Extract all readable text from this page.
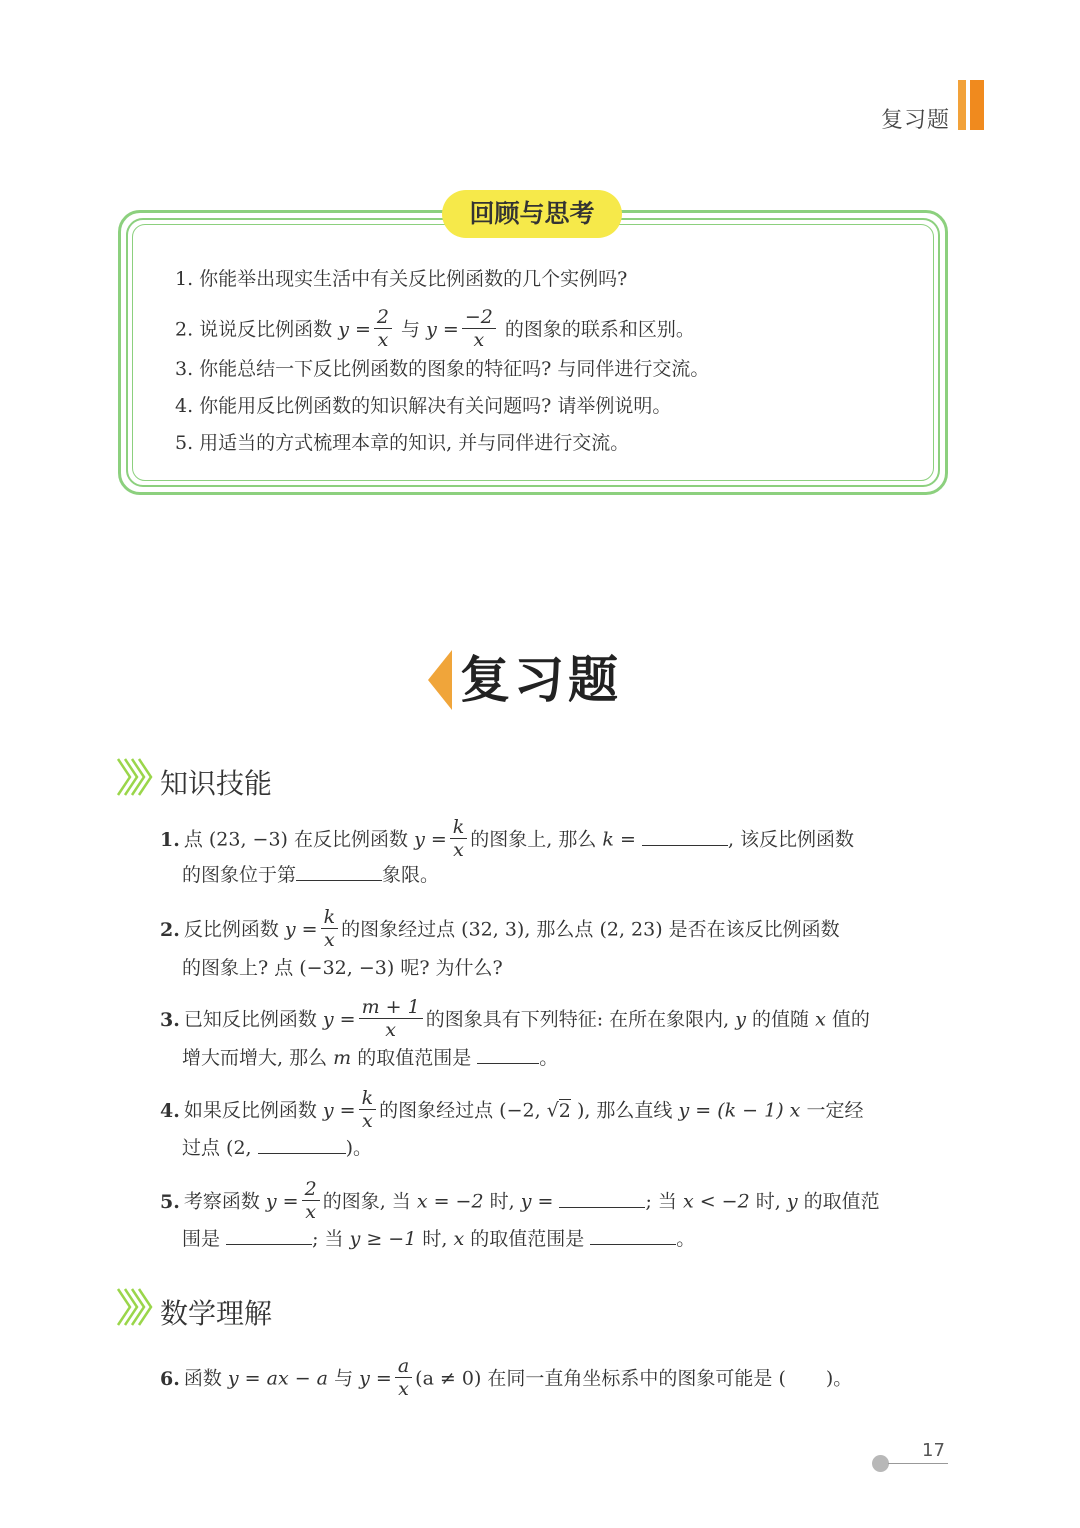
复习题
回顾与思考
1. 你能举出现实生活中有关反比例函数的几个实例吗?
2. 说说反比例函数 $y = \frac{2}{x}$ 与 $y = \frac{-2}{x}$ 的图象的联系和区别。
3. 你能总结一下反比例函数的图象的特征吗? 与同伴进行交流。
4. 你能用反比例函数的知识解决有关问题吗? 请举例说明。
5. 用适当的方式梳理本章的知识, 并与同伴进行交流。
复习题
知识技能
1. 点 (23, −3) 在反比例函数 $y = \frac{k}{x}$ 的图象上, 那么 k =	, 该反比例函数
的图象位于第	象限。
2. 反比例函数 $y = \frac{k}{x}$ 的图象经过点 (32, 3), 那么点 (2, 23) 是否在该反比例函数
的图象上? 点 (−32, −3) 呢? 为什么?
3. 已知反比例函数 $y = \frac{m + 1}{x}$ 的图象具有下列特征: 在所在象限内, y 的值随 x 值的
增大而增大, 那么 m 的取值范围是	。
4. 如果反比例函数 $y = \frac{k}{x}$ 的图象经过点 (−2, √2 ), 那么直线 y = (k − 1) x 一定经
过点 (2,	)。
5. 考察函数 $y = \frac{2}{x}$ 的图象, 当 x = −2 时, y =	; 当 x < −2 时, y 的取值范
围是	; 当 y ≥ −1 时, x 的取值范围是	。
数学理解
6. 函数 y = ax − a 与 $y = \frac{a}{x} (a \ne 0)$ 在同一直角坐标系中的图象可能是 ( )。
17
